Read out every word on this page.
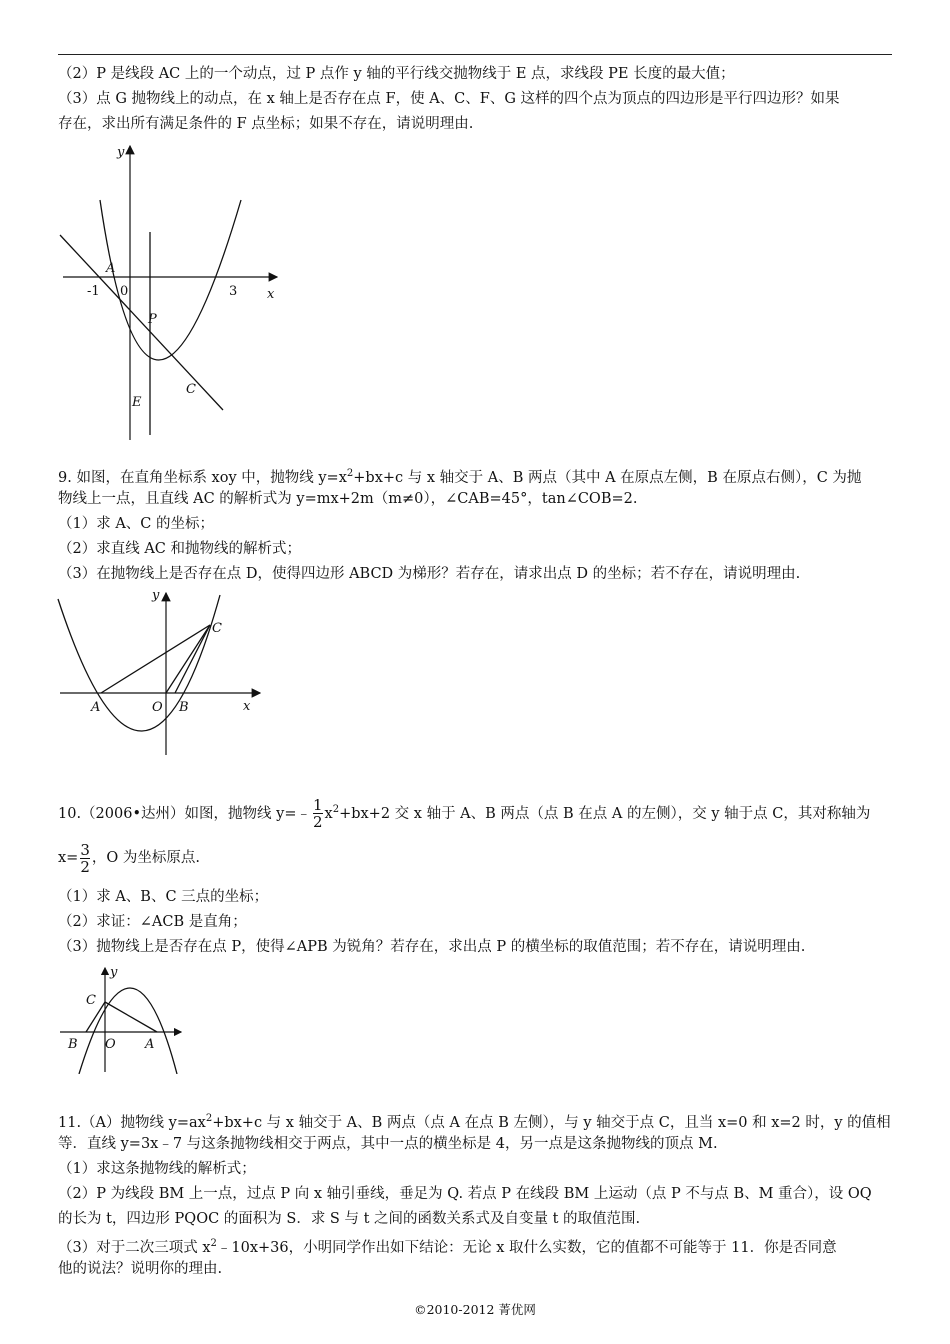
（2）P 是线段 AC 上的一个动点，过 P 点作 y 轴的平行线交抛物线于 E 点，求线段 PE 长度的最大值；
（3）点 G 抛物线上的动点，在 x 轴上是否存在点 F，使 A、C、F、G 这样的四个点为顶点的四边形是平行四边形？如果
存在，求出所有满足条件的 F 点坐标；如果不存在，请说明理由.
y
x
A
0
-1	3
P
E
C
9. 如图，在直角坐标系 xoy 中，抛物线 $y=x^2+bx+c$ 与 x 轴交于 A、B 两点（其中 A 在原点左侧，B 在原点右侧），C 为抛
物线上一点，且直线 AC 的解析式为 y=mx+2m（m≠0），∠CAB=45°，tan∠COB=2.
（1）求 A、C 的坐标；
（2）求直线 AC 和抛物线的解析式；
（3）在抛物线上是否存在点 D，使得四边形 ABCD 为梯形？若存在，请求出点 D 的坐标；若不存在，请说明理由.
y
x
A	O B
C
10.（2006•达州）如图，抛物线 y=﹣ $\frac{1}{2} x^2+bx+2$ 交 x 轴于 A、B 两点（点 B 在点 A 的左侧），交 y 轴于点 C，其对称轴为
$x= \frac{3}{2}$ ，O 为坐标原点.
（1）求 A、B、C 三点的坐标；
（2）求证：∠ACB 是直角；
（3）抛物线上是否存在点 P，使得∠APB 为锐角？若存在，求出点 P 的横坐标的取值范围；若不存在，请说明理由.
y
C
B O A
11.（A）抛物线 $y=ax^2+bx+c$ 与 x 轴交于 A、B 两点（点 A 在点 B 左侧），与 y 轴交于点 C，且当 x=0 和 x=2 时，y 的值相
等．直线 y=3x﹣7 与这条抛物线相交于两点，其中一点的横坐标是 4，另一点是这条抛物线的顶点 M.
（1）求这条抛物线的解析式；
（2）P 为线段 BM 上一点，过点 P 向 x 轴引垂线，垂足为 Q. 若点 P 在线段 BM 上运动（点 P 不与点 B、M 重合），设 OQ
的长为 t，四边形 PQOC 的面积为 S．求 S 与 t 之间的函数关系式及自变量 t 的取值范围.
（3）对于二次三项式 $x^2﹣10x+36$，小明同学作出如下结论：无论 x 取什么实数，它的值都不可能等于 11．你是否同意
他的说法？说明你的理由.
©2010-2012 菁优网
